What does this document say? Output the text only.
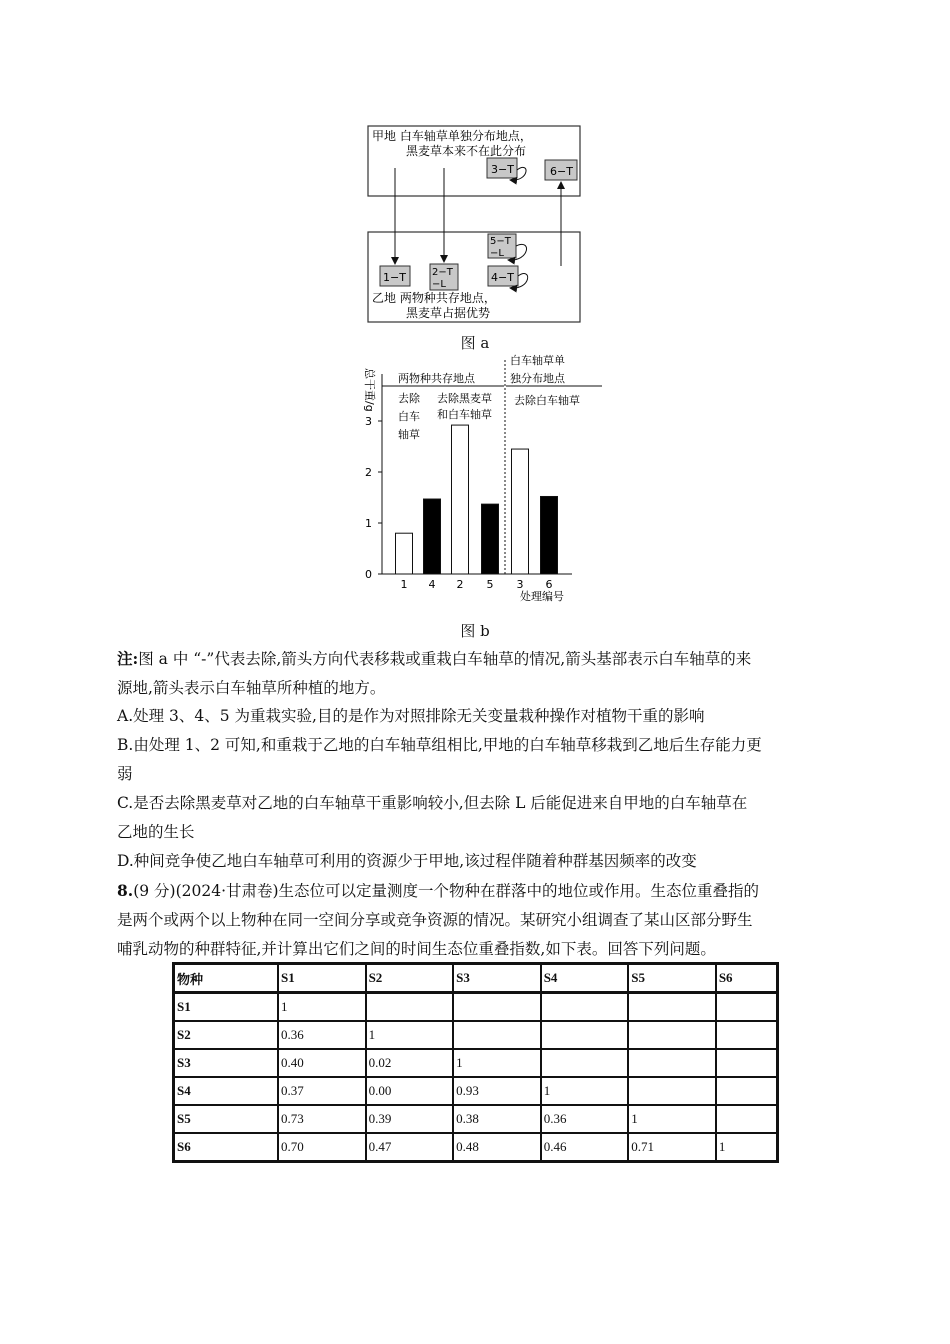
甲地 白车轴草单独分布地点，
黑麦草本来不在此分布
乙地 两物种共存地点，
黑麦草占据优势
3−T	6−T
1−T	2−T
−L
5−T
−L
4−T
图 a
总干重/g 两物种共存地点
白车轴草单
独分布地点
去除
白车
轴草
去除黑麦草
和白车轴草
去除白车轴草
处理编号
0
1
2
3
1 4 2 5 3 6
图 b
注:图 a 中 “-”代表去除,箭头方向代表移栽或重栽白车轴草的情况,箭头基部表示白车轴草的来
源地,箭头表示白车轴草所种植的地方。
A.处理 3、4、5 为重栽实验,目的是作为对照排除无关变量栽种操作对植物干重的影响
B.由处理 1、2 可知,和重栽于乙地的白车轴草组相比,甲地的白车轴草移栽到乙地后生存能力更
弱
C.是否去除黑麦草对乙地的白车轴草干重影响较小,但去除 L 后能促进来自甲地的白车轴草在
乙地的生长
D.种间竞争使乙地白车轴草可利用的资源少于甲地,该过程伴随着种群基因频率的改变
8.(9 分)(2024·甘肃卷)生态位可以定量测度一个物种在群落中的地位或作用。生态位重叠指的
是两个或两个以上物种在同一空间分享或竞争资源的情况。某研究小组调查了某山区部分野生
哺乳动物的种群特征,并计算出它们之间的时间生态位重叠指数,如下表。回答下列问题。
物种	S1	S2	S3	S4	S5	S6
S1	1					
S2	0.36	1				
S3	0.40	0.02	1			
S4	0.37	0.00	0.93	1		
S5	0.73	0.39	0.38	0.36	1	
S6	0.70	0.47	0.48	0.46	0.71	1
